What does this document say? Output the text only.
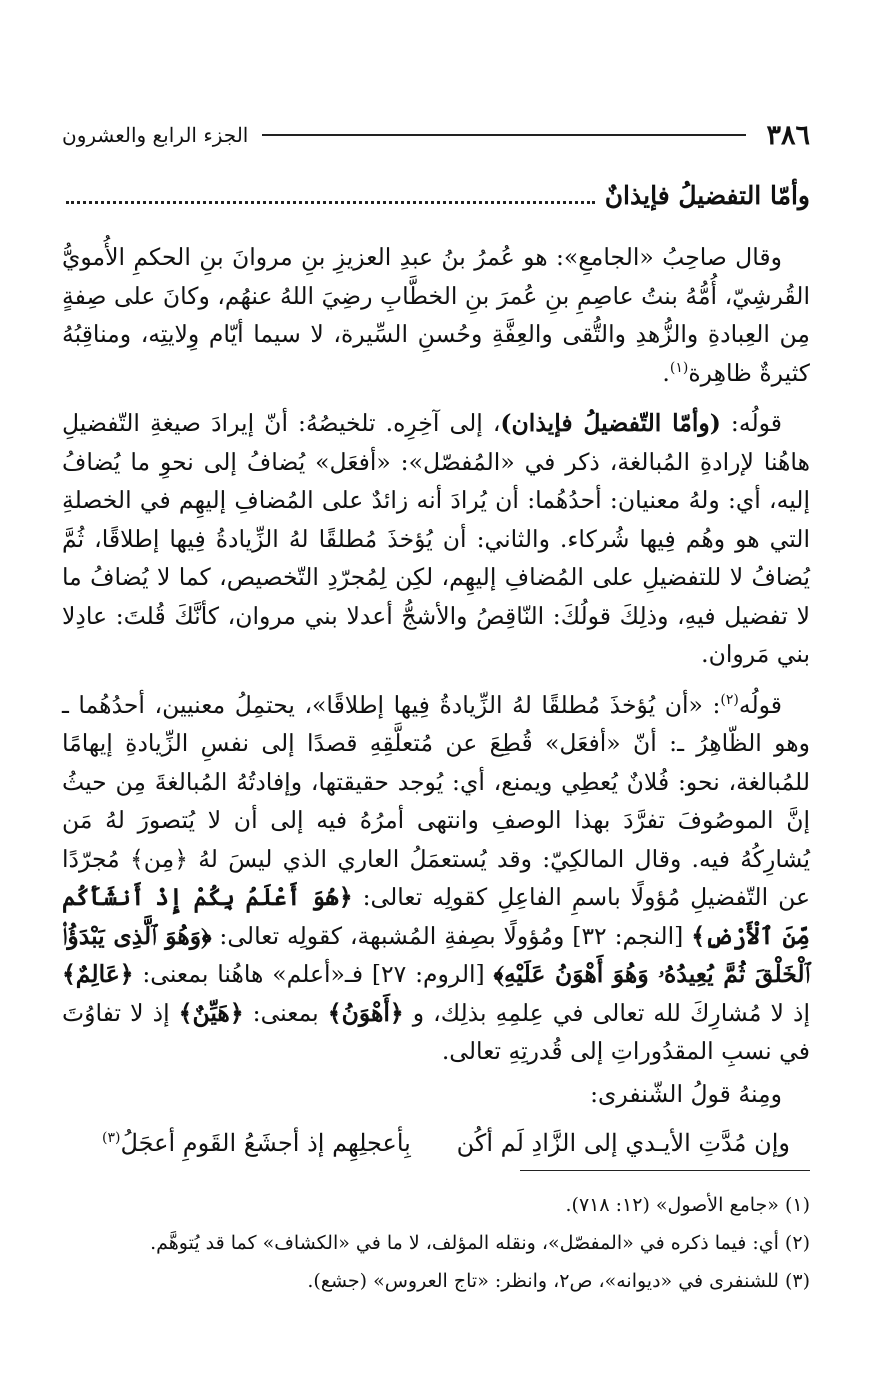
٣٨٦
الجزء الرابع والعشرون
وأمّا التفضيلُ فإيذانٌ

وقال صاحِبُ «الجامعِ»: هو عُمرُ بنُ عبدِ العزيزِ بنِ مروانَ بنِ الحكمِ الأُمويُّ القُرشِيّ، أُمُّهُ بنتُ عاصِمِ بنِ عُمرَ بنِ الخطَّابِ رضِيَ اللهُ عنهُم، وكانَ على صِفةٍ مِن العِبادةِ والزُّهدِ والتُّقى والعِفَّةِ وحُسنِ السِّيرة، لا سيما أيّام وِلايتِه، ومناقِبُهُ كثيرةٌ ظاهِرة$^{(١)}$.

قولُه: (وأمّا التّفضيلُ فإيذان)، إلى آخِرِه. تلخيصُهُ: أنّ إيرادَ صيغةِ التّفضيلِ هاهُنا لإرادةِ المُبالغة، ذكر في «المُفصّل»: «أفعَل» يُضافُ إلى نحوِ ما يُضافُ إليه، أي: ولهُ معنيان: أحدُهُما: أن يُرادَ أنه زائدٌ على المُضافِ إليهِم في الخصلةِ التي هو وهُم فِيها شُركاء. والثاني: أن يُؤخذَ مُطلقًا لهُ الزِّيادةُ فِيها إطلاقًا، ثُمَّ يُضافُ لا للتفضيلِ على المُضافِ إليهِم، لكِن لِمُجرّدِ التّخصيص، كما لا يُضافُ ما لا تفضيل فيهِ، وذلِكَ قولُكَ: النّاقِصُ والأشجُّ أعدلا بني مروان، كأنَّكَ قُلتَ: عادِلا بني مَروان.

قولُه$^{(٢)}$: «أن يُؤخذَ مُطلقًا لهُ الزِّيادةُ فِيها إطلاقًا»، يحتمِلُ معنيين، أحدُهُما ـ وهو الظّاهِرُ ـ: أنّ «أفعَل» قُطِعَ عن مُتعلَّقِهِ قصدًا إلى نفسِ الزِّيادةِ إيهامًا للمُبالغة، نحو: فُلانٌ يُعطِي ويمنع، أي: يُوجد حقيقتها، وإفادتُهُ المُبالغةَ مِن حيثُ إنَّ الموصُوفَ تفرَّدَ بهذا الوصفِ وانتهى أمرُهُ فيه إلى أن لا يُتصورَ لهُ مَن يُشارِكُهُ فيه. وقال المالكِيّ: وقد يُستعمَلُ العاري الذي ليسَ لهُ ﴿مِن﴾ مُجرّدًا عن التّفضيلِ مُؤولًا باسمِ الفاعِلِ كقولِه تعالى: ﴿هُوَ أَعْلَمُ بِكُمْ إِذْ أَنشَأَكُم مِّنَ ٱلْأَرْضِ﴾ [النجم: ٣٢] ومُؤولًا بصِفةِ المُشبهة، كقولِه تعالى: ﴿وَهُوَ ٱلَّذِى يَبْدَؤُا۟ ٱلْخَلْقَ ثُمَّ يُعِيدُهُۥ وَهُوَ أَهْوَنُ عَلَيْهِ﴾ [الروم: ٢٧] فـ«أعلم» هاهُنا بمعنى: ﴿عَالِمٌ﴾ إذ لا مُشارِكَ لله تعالى في عِلمِهِ بذلِك، و ﴿أَهْوَنُ﴾ بمعنى: ﴿هَيِّنٌ﴾ إذ لا تفاوُتَ في نسبِ المقدُوراتِ إلى قُدرتِهِ تعالى.

ومِنهُ قولُ الشّنفرى:
وإن مُدَّتِ الأيـدي إلى الزَّادِ لَم أكُن
بِأعجلِهِم إذ أجشَعُ القَومِ أعجَلُ$^{(٣)}$
(١) «جامع الأصول» (١٢: ٧١٨).
(٢) أي: فيما ذكره في «المفصّل»، ونقله المؤلف، لا ما في «الكشاف» كما قد يُتوهَّم.
(٣) للشنفرى في «ديوانه»، ص٢، وانظر: «تاج العروس» (جشع).
